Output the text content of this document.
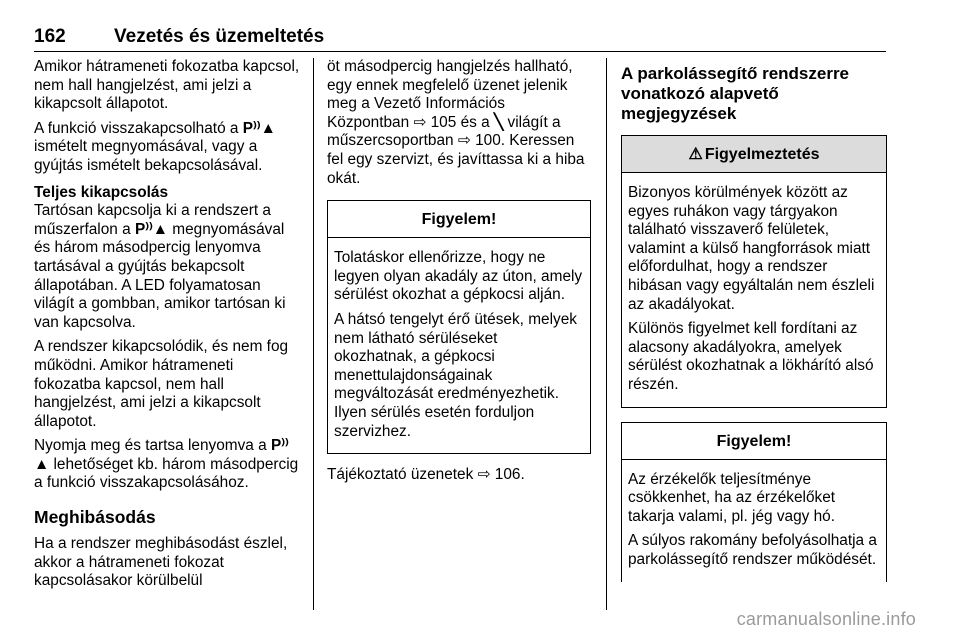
162	Vezetés és üzemeltetés
Amikor hátrameneti fokozatba kapcsol, nem hall hangjelzést, ami jelzi a kikapcsolt állapotot.
A funkció visszakapcsolható a P⁾⁾▲ ismételt megnyomásával, vagy a gyújtás ismételt bekapcsolásával.
Teljes kikapcsolás
Tartósan kapcsolja ki a rendszert a műszerfalon a P⁾⁾▲ megnyomásával és három másodpercig lenyomva tartásával a gyújtás bekapcsolt állapotában. A LED folyamatosan világít a gombban, amikor tartósan ki van kapcsolva.
A rendszer kikapcsolódik, és nem fog működni. Amikor hátrameneti fokozatba kapcsol, nem hall hangjelzést, ami jelzi a kikapcsolt állapotot.
Nyomja meg és tartsa lenyomva a P⁾⁾▲ lehetőséget kb. három másodpercig a funkció visszakapcsolásához.
Meghibásodás
Ha a rendszer meghibásodást észlel, akkor a hátrameneti fokozat kapcsolásakor körülbelül
öt másodpercig hangjelzés hallható, egy ennek megfelelő üzenet jelenik meg a Vezető Információs Központban ⇨ 105 és a ╲ világít a műszercsoportban ⇨ 100. Keressen fel egy szervizt, és javíttassa ki a hiba okát.
Figyelem!
Tolatáskor ellenőrizze, hogy ne legyen olyan akadály az úton, amely sérülést okozhat a gépkocsi alján.
A hátsó tengelyt érő ütések, melyek nem látható sérüléseket okozhatnak, a gépkocsi menettulajdonságainak megváltozását eredményezhetik. Ilyen sérülés esetén forduljon szervizhez.
Tájékoztató üzenetek ⇨ 106.
A parkolássegítő rendszerre vonatkozó alapvető megjegyzések
⚠ Figyelmeztetés
Bizonyos körülmények között az egyes ruhákon vagy tárgyakon található visszaverő felületek, valamint a külső hangforrások miatt előfordulhat, hogy a rendszer hibásan vagy egyáltalán nem észleli az akadályokat.
Különös figyelmet kell fordítani az alacsony akadályokra, amelyek sérülést okozhatnak a lökhárító alsó részén.
Figyelem!
Az érzékelők teljesítménye csökkenhet, ha az érzékelőket takarja valami, pl. jég vagy hó.
A súlyos rakomány befolyásolhatja a parkolássegítő rendszer működését.
carmanualsonline.info
